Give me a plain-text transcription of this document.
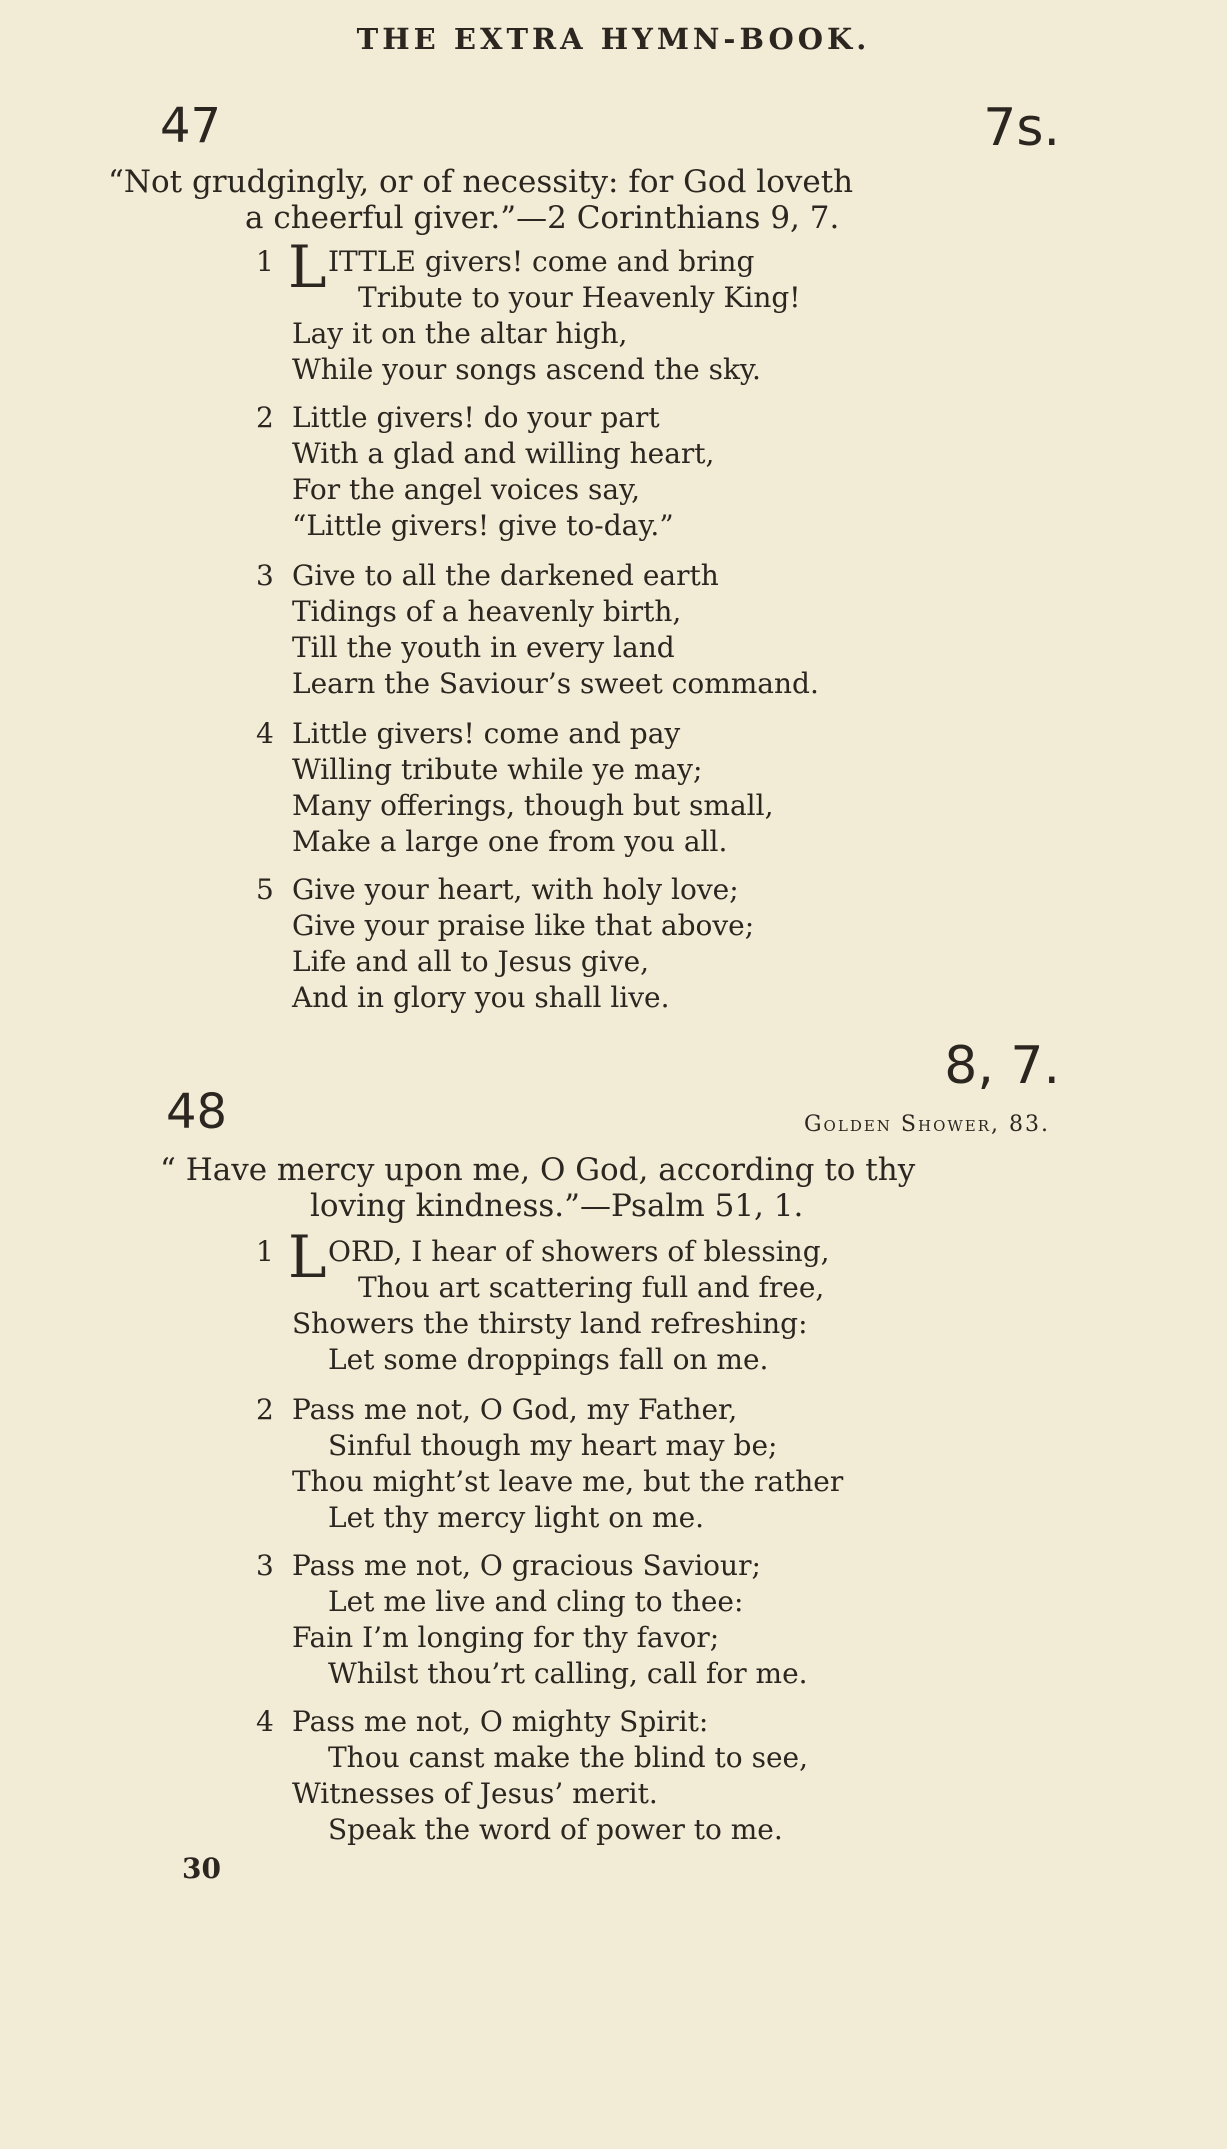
THE EXTRA HYMN-BOOK.
47	7s.
“Not grudgingly, or of necessity: for God loveth
a cheerful giver.”—2 Corinthians 9, 7.
1 L ITTLE givers! come and bring
Tribute to your Heavenly King!
Lay it on the altar high,
While your songs ascend the sky.
2 Little givers! do your part
With a glad and willing heart,
For the angel voices say,
“Little givers! give to-day.”
3 Give to all the darkened earth
Tidings of a heavenly birth,
Till the youth in every land
Learn the Saviour’s sweet command.
4 Little givers! come and pay
Willing tribute while ye may;
Many offerings, though but small,
Make a large one from you all.
5 Give your heart, with holy love;
Give your praise like that above;
Life and all to Jesus give,
And in glory you shall live.
8, 7.
48	Golden Shower, 83.
“ Have mercy upon me, O God, according to thy
loving kindness.”—Psalm 51, 1.
1 L ORD, I hear of showers of blessing,
Thou art scattering full and free,
Showers the thirsty land refreshing:
Let some droppings fall on me.
2 Pass me not, O God, my Father,
Sinful though my heart may be;
Thou might’st leave me, but the rather
Let thy mercy light on me.
3 Pass me not, O gracious Saviour;
Let me live and cling to thee:
Fain I’m longing for thy favor;
Whilst thou’rt calling, call for me.
4 Pass me not, O mighty Spirit:
Thou canst make the blind to see,
Witnesses of Jesus’ merit.
Speak the word of power to me.
30
